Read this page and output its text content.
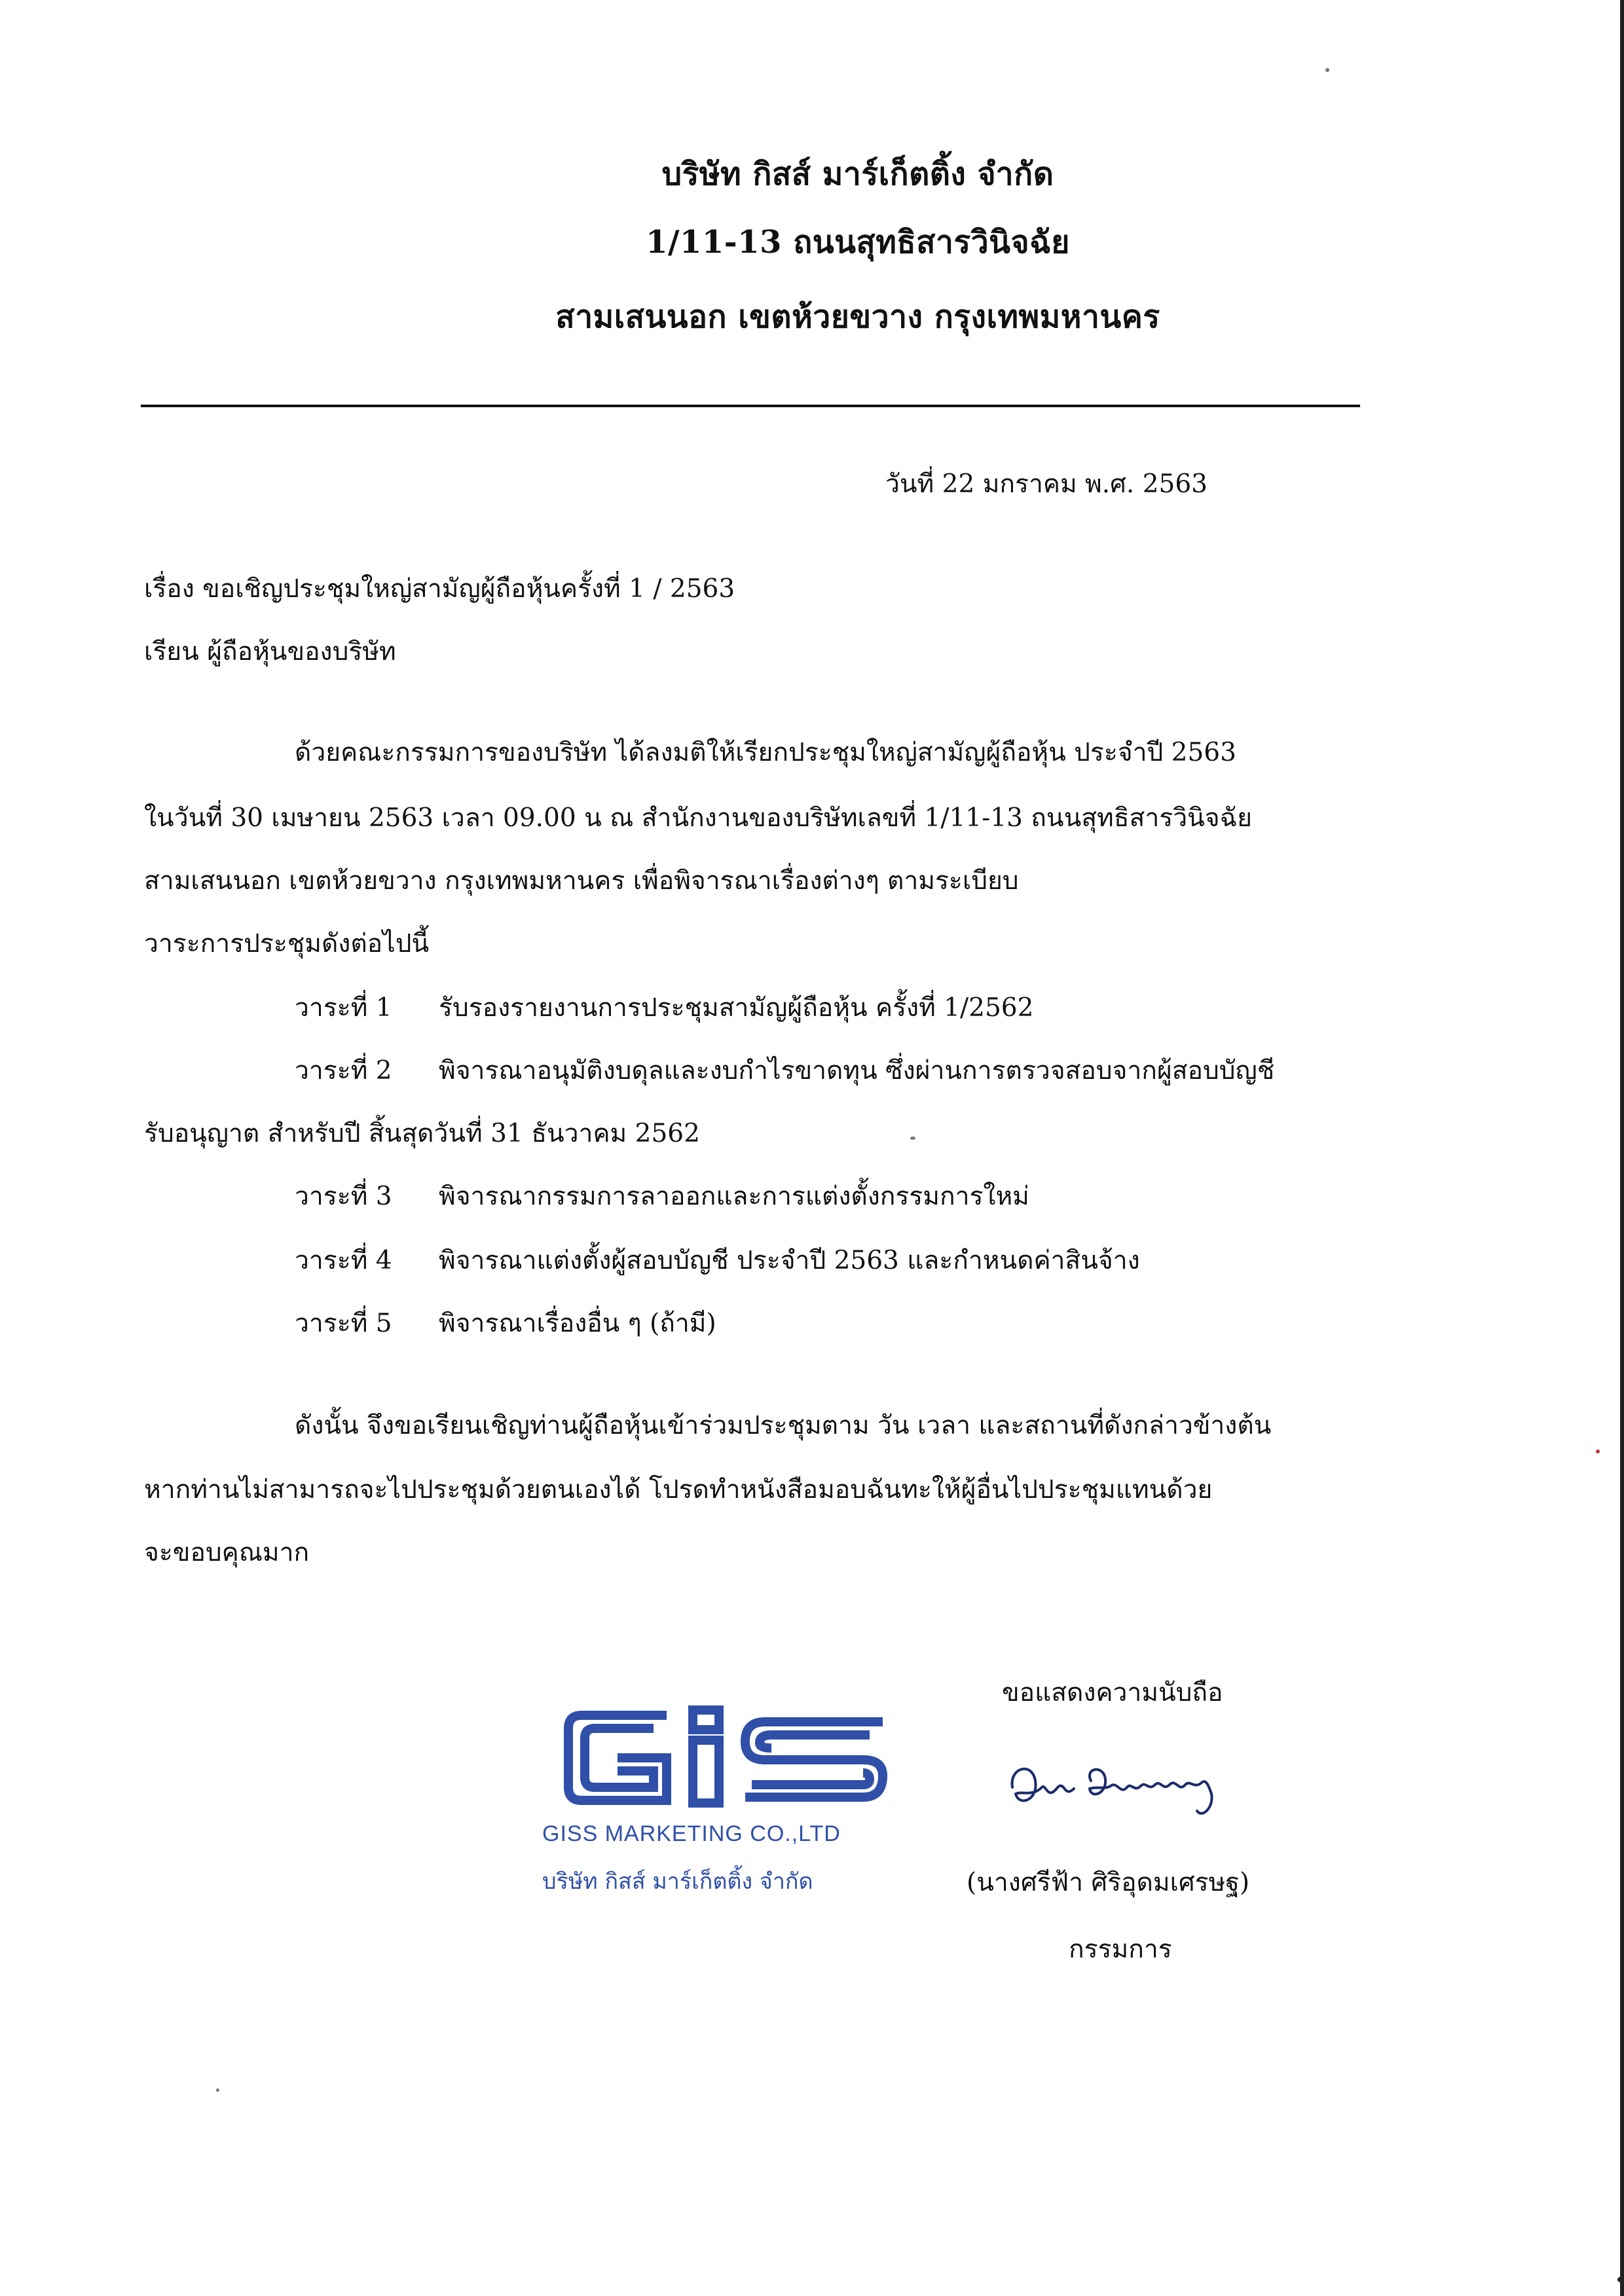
บริษัท กิสส์ มาร์เก็ตติ้ง จำกัด
1/11-13 ถนนสุทธิสารวินิจฉัย
สามเสนนอก เขตห้วยขวาง กรุงเทพมหานคร
วันที่ 22 มกราคม พ.ศ. 2563
เรื่อง ขอเชิญประชุมใหญ่สามัญผู้ถือหุ้นครั้งที่ 1 / 2563
เรียน ผู้ถือหุ้นของบริษัท
ด้วยคณะกรรมการของบริษัท ได้ลงมติให้เรียกประชุมใหญ่สามัญผู้ถือหุ้น ประจำปี 2563
ในวันที่ 30 เมษายน 2563 เวลา 09.00 น ณ สำนักงานของบริษัทเลขที่ 1/11-13 ถนนสุทธิสารวินิจฉัย
สามเสนนอก เขตห้วยขวาง กรุงเทพมหานคร เพื่อพิจารณาเรื่องต่างๆ ตามระเบียบ
วาระการประชุมดังต่อไปนี้
วาระที่ 1 รับรองรายงานการประชุมสามัญผู้ถือหุ้น ครั้งที่ 1/2562
วาระที่ 2 พิจารณาอนุมัติงบดุลและงบกำไรขาดทุน ซึ่งผ่านการตรวจสอบจากผู้สอบบัญชี
รับอนุญาต สำหรับปี สิ้นสุดวันที่ 31 ธันวาคม 2562
วาระที่ 3 พิจารณากรรมการลาออกและการแต่งตั้งกรรมการใหม่
วาระที่ 4 พิจารณาแต่งตั้งผู้สอบบัญชี ประจำปี 2563 และกำหนดค่าสินจ้าง
วาระที่ 5 พิจารณาเรื่องอื่น ๆ (ถ้ามี)
ดังนั้น จึงขอเรียนเชิญท่านผู้ถือหุ้นเข้าร่วมประชุมตาม วัน เวลา และสถานที่ดังกล่าวข้างต้น
หากท่านไม่สามารถจะไปประชุมด้วยตนเองได้ โปรดทำหนังสือมอบฉันทะให้ผู้อื่นไปประชุมแทนด้วย
จะขอบคุณมาก
ขอแสดงความนับถือ
(นางศรีฟ้า ศิริอุดมเศรษฐ)
กรรมการ
GISS MARKETING CO.,LTD
บริษัท กิสส์ มาร์เก็ตติ้ง จำกัด
